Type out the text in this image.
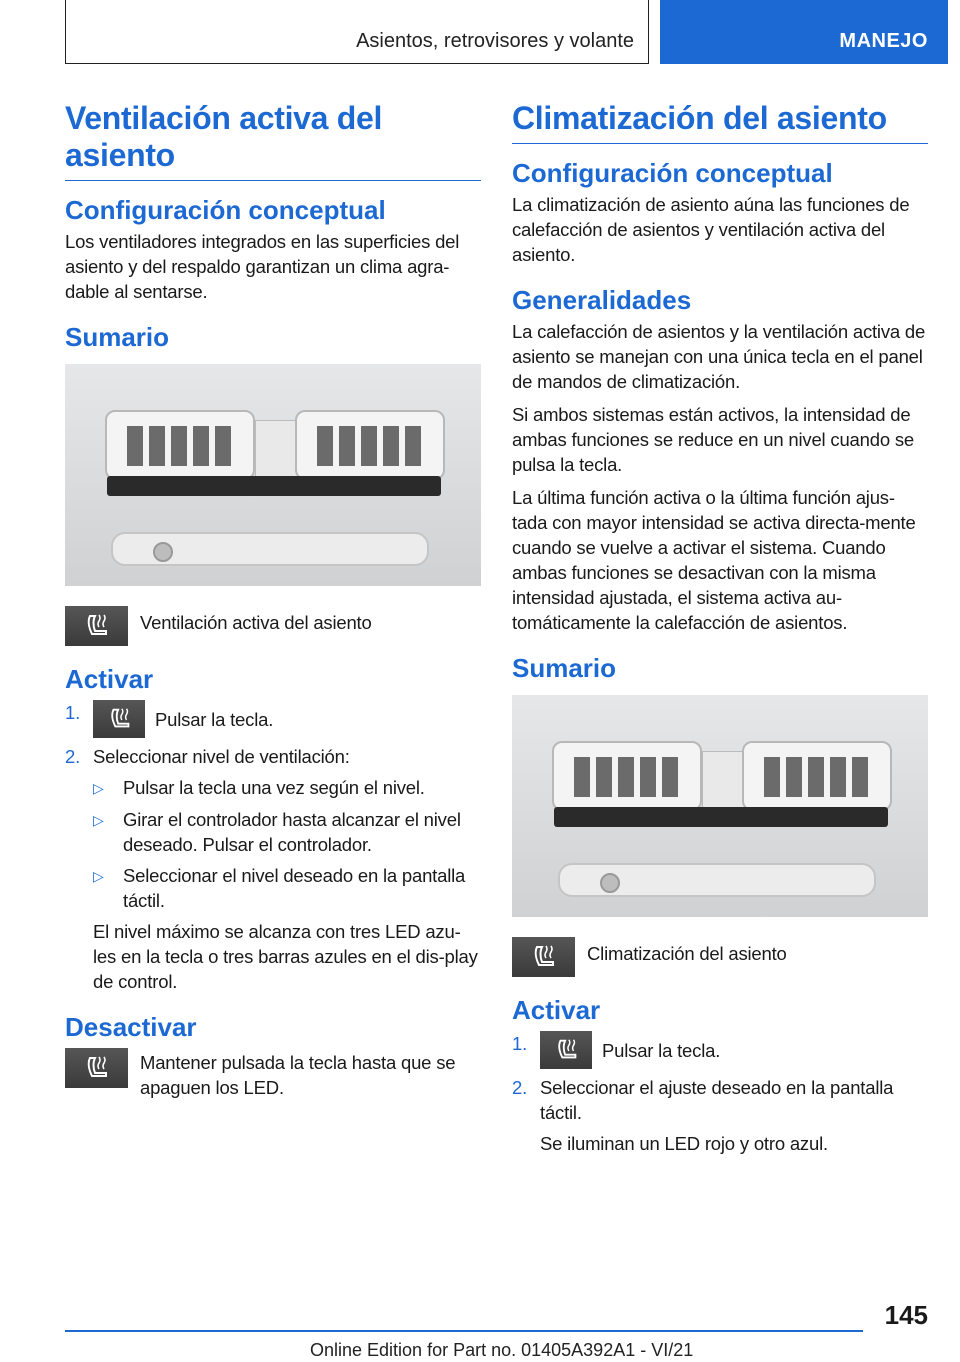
Asientos, retrovisores y volante	MANEJO
Ventilación activa del asiento
Configuración conceptual

Los ventiladores integrados en las superficies del asiento y del respaldo garantizan un clima agra-dable al sentarse.

Sumario

Ventilación activa del asiento

Activar
1.	Pulsar la tecla.
2. Seleccionar nivel de ventilación:
▷	Pulsar la tecla una vez según el nivel.
▷	Girar el controlador hasta alcanzar el nivel deseado. Pulsar el controlador.
▷	Seleccionar el nivel deseado en la pantalla táctil.

El nivel máximo se alcanza con tres LED azu-les en la tecla o tres barras azules en el dis-play de control.

Desactivar

Mantener pulsada la tecla hasta que se apaguen los LED.

Climatización del asiento
Configuración conceptual

La climatización de asiento aúna las funciones de calefacción de asientos y ventilación activa del asiento.

Generalidades

La calefacción de asientos y la ventilación activa de asiento se manejan con una única tecla en el panel de mandos de climatización.

Si ambos sistemas están activos, la intensidad de ambas funciones se reduce en un nivel cuando se pulsa la tecla.

La última función activa o la última función ajus-tada con mayor intensidad se activa directa-mente cuando se vuelve a activar el sistema. Cuando ambas funciones se desactivan con la misma intensidad ajustada, el sistema activa au-tomáticamente la calefacción de asientos.

Sumario

Climatización del asiento

Activar
1.	Pulsar la tecla.
2. Seleccionar el ajuste deseado en la pantalla táctil.

Se iluminan un LED rojo y otro azul.

145
Online Edition for Part no. 01405A392A1 - VI/21
